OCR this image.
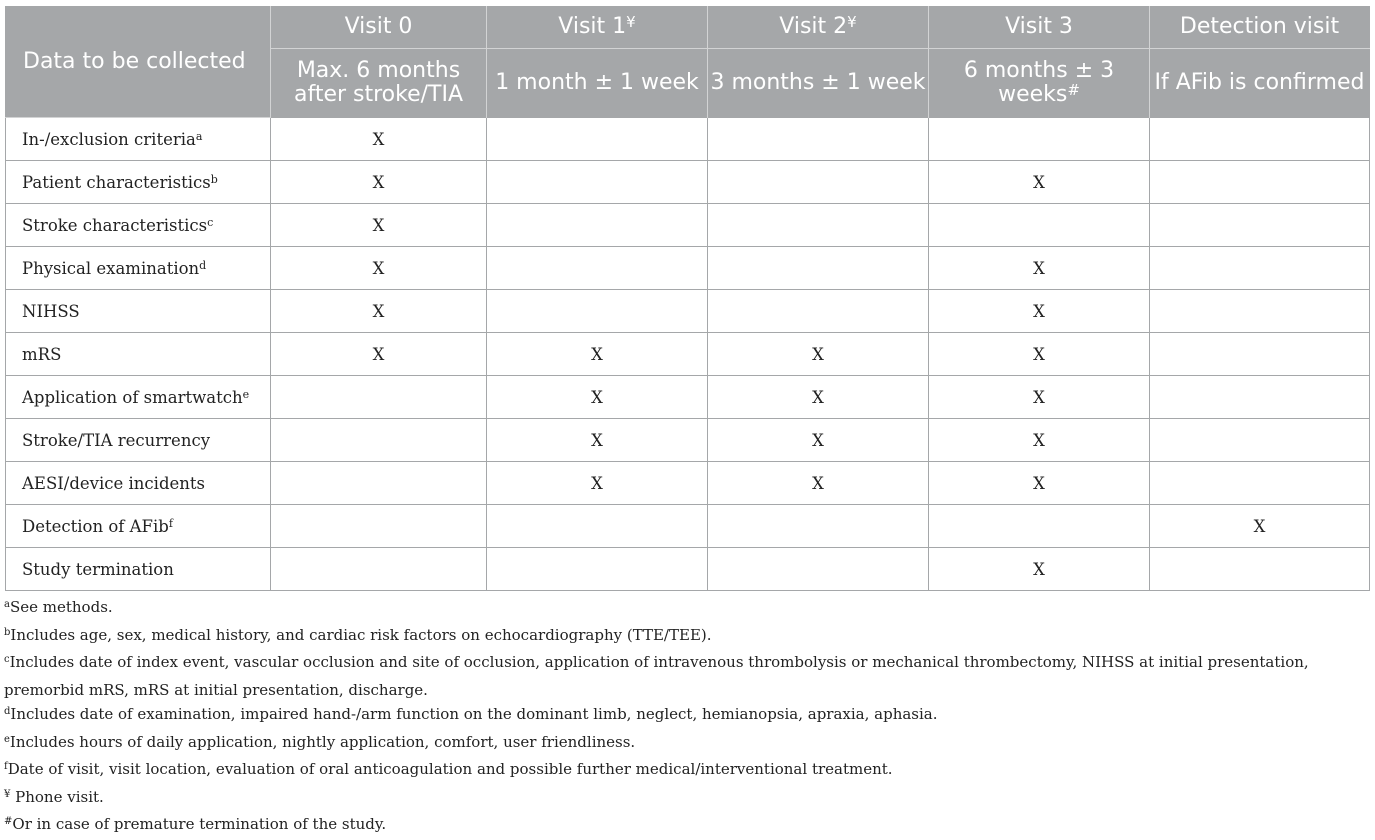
Data to be collected	Visit 0	Visit 1¥	Visit 2¥	Visit 3	Detection visit
	Max. 6 months after stroke/TIA	1 month ± 1 week	3 months ± 1 week	6 months ± 3 weeks#	If AFib is confirmed
In-/exclusion criteria$^a$	X				
Patient characteristics$^b$	X			X	
Stroke characteristics$^c$	X				
Physical examination$^d$	X			X	
NIHSS	X			X	
mRS	X	X	X	X	
Application of smartwatch$^e$		X	X	X	
Stroke/TIA recurrency		X	X	X	
AESI/device incidents		X	X	X	
Detection of AFib$^f$					X
Study termination				X	
$^a$See methods.
$^b$Includes age, sex, medical history, and cardiac risk factors on echocardiography (TTE/TEE).
$^c$Includes date of index event, vascular occlusion and site of occlusion, application of intravenous thrombolysis or mechanical thrombectomy, NIHSS at initial presentation, premorbid mRS, mRS at initial presentation, discharge.
$^d$Includes date of examination, impaired hand-/arm function on the dominant limb, neglect, hemianopsia, apraxia, aphasia.
$^e$Includes hours of daily application, nightly application, comfort, user friendliness.
$^f$Date of visit, visit location, evaluation of oral anticoagulation and possible further medical/interventional treatment.
¥ Phone visit.
#Or in case of premature termination of the study.
